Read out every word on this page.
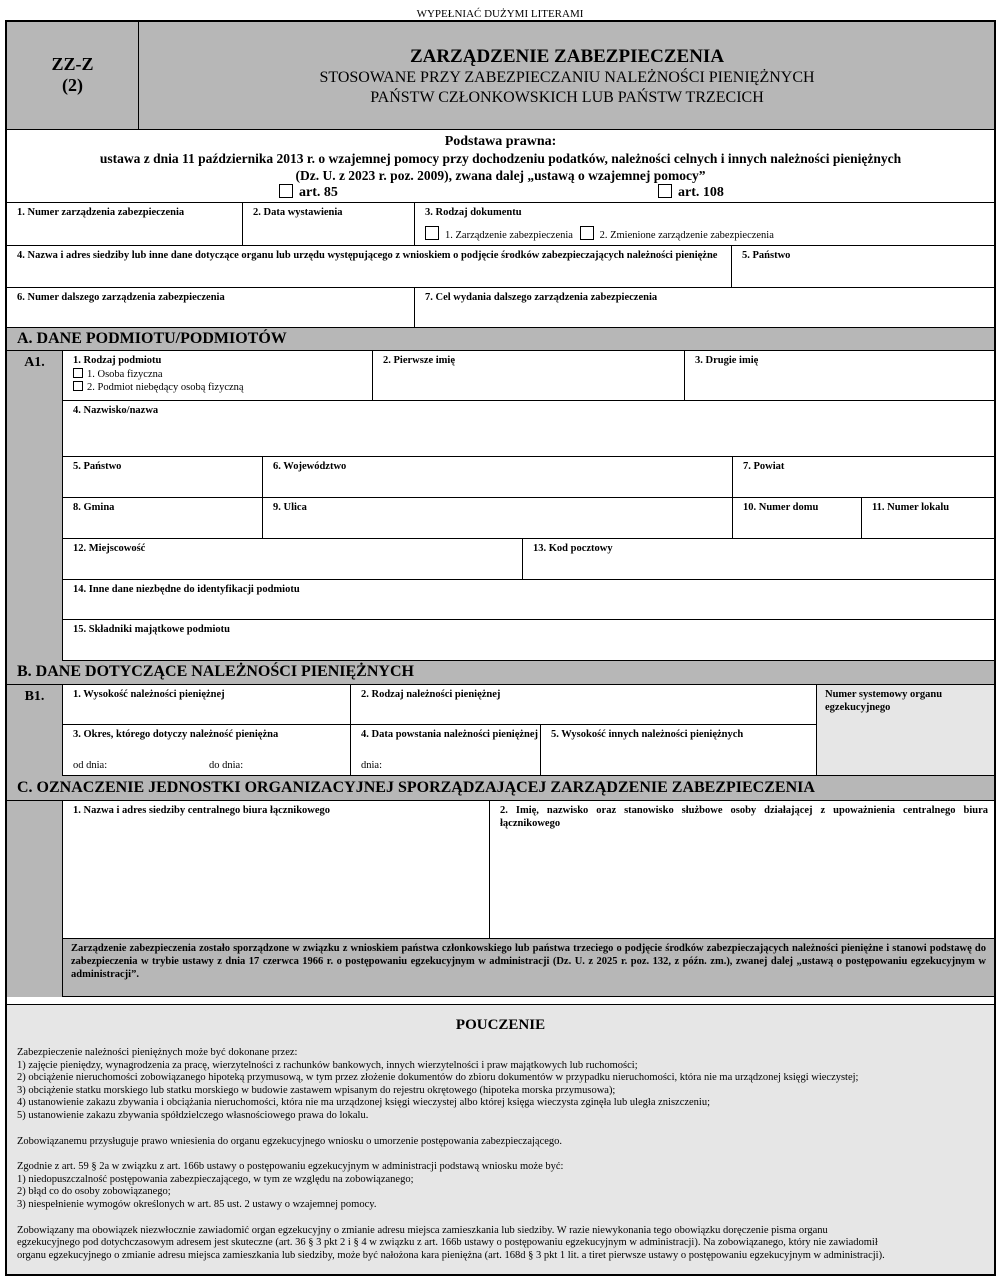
WYPEŁNIAĆ DUŻYMI LITERAMI
ZZ-Z
(2)
ZARZĄDZENIE ZABEZPIECZENIA
STOSOWANE PRZY ZABEZPIECZANIU NALEŻNOŚCI PIENIĘŻNYCH
PAŃSTW CZŁONKOWSKICH LUB PAŃSTW TRZECICH
Podstawa prawna:
ustawa z dnia 11 października 2013 r. o wzajemnej pomocy przy dochodzeniu podatków, należności celnych i innych należności pieniężnych
(Dz. U. z 2023 r. poz. 2009), zwana dalej „ustawą o wzajemnej pomocy”
art. 85	art. 108
1. Numer zarządzenia zabezpieczenia	2. Data wystawienia	3. Rodzaj dokumentu
1. Zarządzenie zabezpieczenia	2. Zmienione zarządzenie zabezpieczenia
4. Nazwa i adres siedziby lub inne dane dotyczące organu lub urzędu występującego z wnioskiem o podjęcie środków zabezpieczających należności pieniężne	5. Państwo
6. Numer dalszego zarządzenia zabezpieczenia	7. Cel wydania dalszego zarządzenia zabezpieczenia
A. DANE PODMIOTU/PODMIOTÓW
A1.	1. Rodzaj podmiotu
1. Osoba fizyczna
2. Podmiot niebędący osobą fizyczną
2. Pierwsze imię	3. Drugie imię
4. Nazwisko/nazwa
5. Państwo	6. Województwo	7. Powiat
8. Gmina	9. Ulica	10. Numer domu	11. Numer lokalu
12. Miejscowość	13. Kod pocztowy
14. Inne dane niezbędne do identyfikacji podmiotu
15. Składniki majątkowe podmiotu
B. DANE DOTYCZĄCE NALEŻNOŚCI PIENIĘŻNYCH
B1.	1. Wysokość należności pieniężnej	2. Rodzaj należności pieniężnej	Numer systemowy organu egzekucyjnego
3. Okres, którego dotyczy należność pieniężna
od dnia:	do dnia:
4. Data powstania należności pieniężnej
dnia:
5. Wysokość innych należności pieniężnych
C. OZNACZENIE JEDNOSTKI ORGANIZACYJNEJ SPORZĄDZAJĄCEJ ZARZĄDZENIE ZABEZPIECZENIA
1. Nazwa i adres siedziby centralnego biura łącznikowego	2. Imię, nazwisko oraz stanowisko służbowe osoby działającej z upoważnienia centralnego biura łącznikowego
Zarządzenie zabezpieczenia zostało sporządzone w związku z wnioskiem państwa członkowskiego lub państwa trzeciego o podjęcie środków zabezpieczających należności pieniężne i stanowi podstawę do zabezpieczenia w trybie ustawy z dnia 17 czerwca 1966 r. o postępowaniu egzekucyjnym w administracji (Dz. U. z 2025 r. poz. 132, z późn. zm.), zwanej dalej „ustawą o postępowaniu egzekucyjnym w administracji”.
POUCZENIE
Zabezpieczenie należności pieniężnych może być dokonane przez:
1) zajęcie pieniędzy, wynagrodzenia za pracę, wierzytelności z rachunków bankowych, innych wierzytelności i praw majątkowych lub ruchomości;
2) obciążenie nieruchomości zobowiązanego hipoteką przymusową, w tym przez złożenie dokumentów do zbioru dokumentów w przypadku nieruchomości, która nie ma urządzonej księgi wieczystej;
3) obciążenie statku morskiego lub statku morskiego w budowie zastawem wpisanym do rejestru okrętowego (hipoteka morska przymusowa);
4) ustanowienie zakazu zbywania i obciążania nieruchomości, która nie ma urządzonej księgi wieczystej albo której księga wieczysta zginęła lub uległa zniszczeniu;
5) ustanowienie zakazu zbywania spółdzielczego własnościowego prawa do lokalu.
Zobowiązanemu przysługuje prawo wniesienia do organu egzekucyjnego wniosku o umorzenie postępowania zabezpieczającego.
Zgodnie z art. 59 § 2a w związku z art. 166b ustawy o postępowaniu egzekucyjnym w administracji podstawą wniosku może być:
1) niedopuszczalność postępowania zabezpieczającego, w tym ze względu na zobowiązanego;
2) błąd co do osoby zobowiązanego;
3) niespełnienie wymogów określonych w art. 85 ust. 2 ustawy o wzajemnej pomocy.
Zobowiązany ma obowiązek niezwłocznie zawiadomić organ egzekucyjny o zmianie adresu miejsca zamieszkania lub siedziby. W razie niewykonania tego obowiązku doręczenie pisma organu
egzekucyjnego pod dotychczasowym adresem jest skuteczne (art. 36 § 3 pkt 2 i § 4 w związku z art. 166b ustawy o postępowaniu egzekucyjnym w administracji). Na zobowiązanego, który nie zawiadomił
organu egzekucyjnego o zmianie adresu miejsca zamieszkania lub siedziby, może być nałożona kara pieniężna (art. 168d § 3 pkt 1 lit. a tiret pierwsze ustawy o postępowaniu egzekucyjnym w administracji).
